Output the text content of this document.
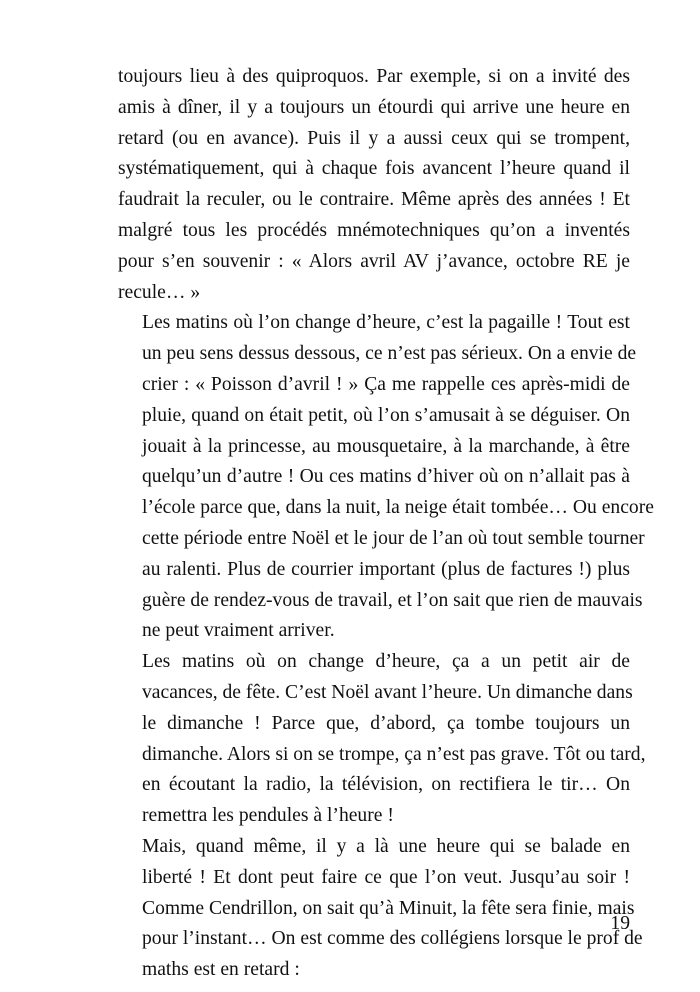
toujours lieu à des quiproquos. Par exemple, si on a invité des
amis à dîner, il y a toujours un étourdi qui arrive une heure en
retard (ou en avance). Puis il y a aussi ceux qui se trompent,
systématiquement, qui à chaque fois avancent l’heure quand il
faudrait la reculer, ou le contraire. Même après des années ! Et
malgré tous les procédés mnémotechniques qu’on a inventés
pour s’en souvenir : « Alors avril AV j’avance, octobre RE je
recule… »

Les matins où l’on change d’heure, c’est la pagaille ! Tout est
un peu sens dessus dessous, ce n’est pas sérieux. On a envie de
crier : « Poisson d’avril ! » Ça me rappelle ces après-midi de
pluie, quand on était petit, où l’on s’amusait à se déguiser. On
jouait à la princesse, au mousquetaire, à la marchande, à être
quelqu’un d’autre ! Ou ces matins d’hiver où on n’allait pas à
l’école parce que, dans la nuit, la neige était tombée… Ou encore
cette période entre Noël et le jour de l’an où tout semble tourner
au ralenti. Plus de courrier important (plus de factures !) plus
guère de rendez-vous de travail, et l’on sait que rien de mauvais
ne peut vraiment arriver.

Les matins où on change d’heure, ça a un petit air de
vacances, de fête. C’est Noël avant l’heure. Un dimanche dans
le dimanche ! Parce que, d’abord, ça tombe toujours un
dimanche. Alors si on se trompe, ça n’est pas grave. Tôt ou tard,
en écoutant la radio, la télévision, on rectifiera le tir… On
remettra les pendules à l’heure !

Mais, quand même, il y a là une heure qui se balade en
liberté ! Et dont peut faire ce que l’on veut. Jusqu’au soir !
Comme Cendrillon, on sait qu’à Minuit, la fête sera finie, mais
pour l’instant… On est comme des collégiens lorsque le prof de
maths est en retard :

19
